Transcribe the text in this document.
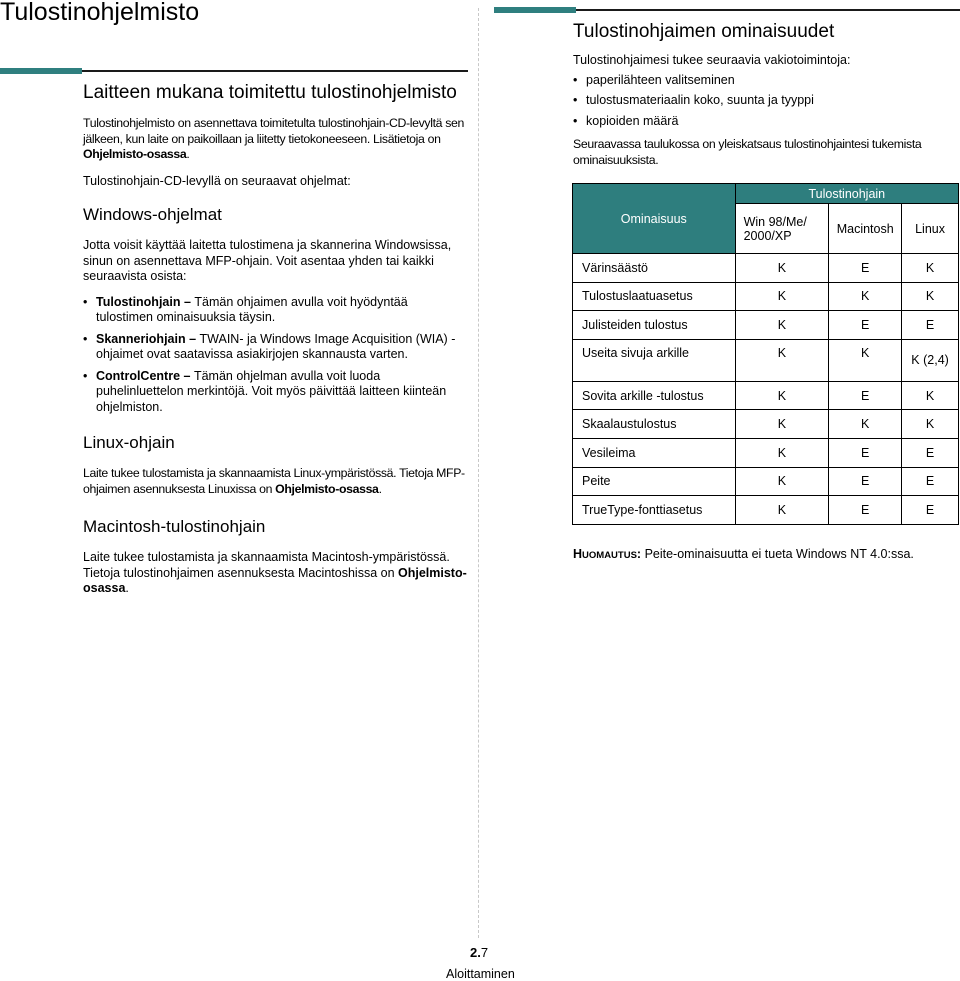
Tulostinohjelmisto
Laitteen mukana toimitettu tulostinohjelmisto

Tulostinohjelmisto on asennettava toimitetulta tulostinohjain-CD-levyltä sen jälkeen, kun laite on paikoillaan ja liitetty tietokoneeseen. Lisätietoja on Ohjelmisto-osassa.

Tulostinohjain-CD-levyllä on seuraavat ohjelmat:

Windows-ohjelmat

Jotta voisit käyttää laitetta tulostimena ja skannerina Windowsissa, sinun on asennettava MFP-ohjain. Voit asentaa yhden tai kaikki seuraavista osista:

• Tulostinohjain – Tämän ohjaimen avulla voit hyödyntää tulostimen ominaisuuksia täysin.
• Skanneriohjain – TWAIN- ja Windows Image Acquisition (WIA) -ohjaimet ovat saatavissa asiakirjojen skannausta varten.
• ControlCentre – Tämän ohjelman avulla voit luoda puhelinluettelon merkintöjä. Voit myös päivittää laitteen kiinteän ohjelmiston.
Linux-ohjain

Laite tukee tulostamista ja skannaamista Linux-ympäristössä. Tietoja MFP-ohjaimen asennuksesta Linuxissa on Ohjelmisto-osassa.

Macintosh-tulostinohjain

Laite tukee tulostamista ja skannaamista Macintosh-ympäristössä. Tietoja tulostinohjaimen asennuksesta Macintoshissa on Ohjelmisto-osassa.

Tulostinohjaimen ominaisuudet

Tulostinohjaimesi tukee seuraavia vakiotoimintoja:

• paperilähteen valitseminen
• tulostusmateriaalin koko, suunta ja tyyppi
• kopioiden määrä

Seuraavassa taulukossa on yleiskatsaus tulostinohjaintesi tukemista ominaisuuksista.

Ominaisuus	Tulostinohjain		
	Win 98/Me/ 2000/XP	Macintosh	Linux
Värinsäästö	K	E	K
Tulostuslaatuasetus	K	K	K
Julisteiden tulostus	K	E	E
Useita sivuja arkille	K	K	K (2,4)
Sovita arkille -tulostus	K	E	K
Skaalaustulostus	K	K	K
Vesileima	K	E	E
Peite	K	E	E
TrueType-fonttiasetus	K	E	E
HUOMAUTUS: Peite-ominaisuutta ei tueta Windows NT 4.0:ssa.
2.7
Aloittaminen
